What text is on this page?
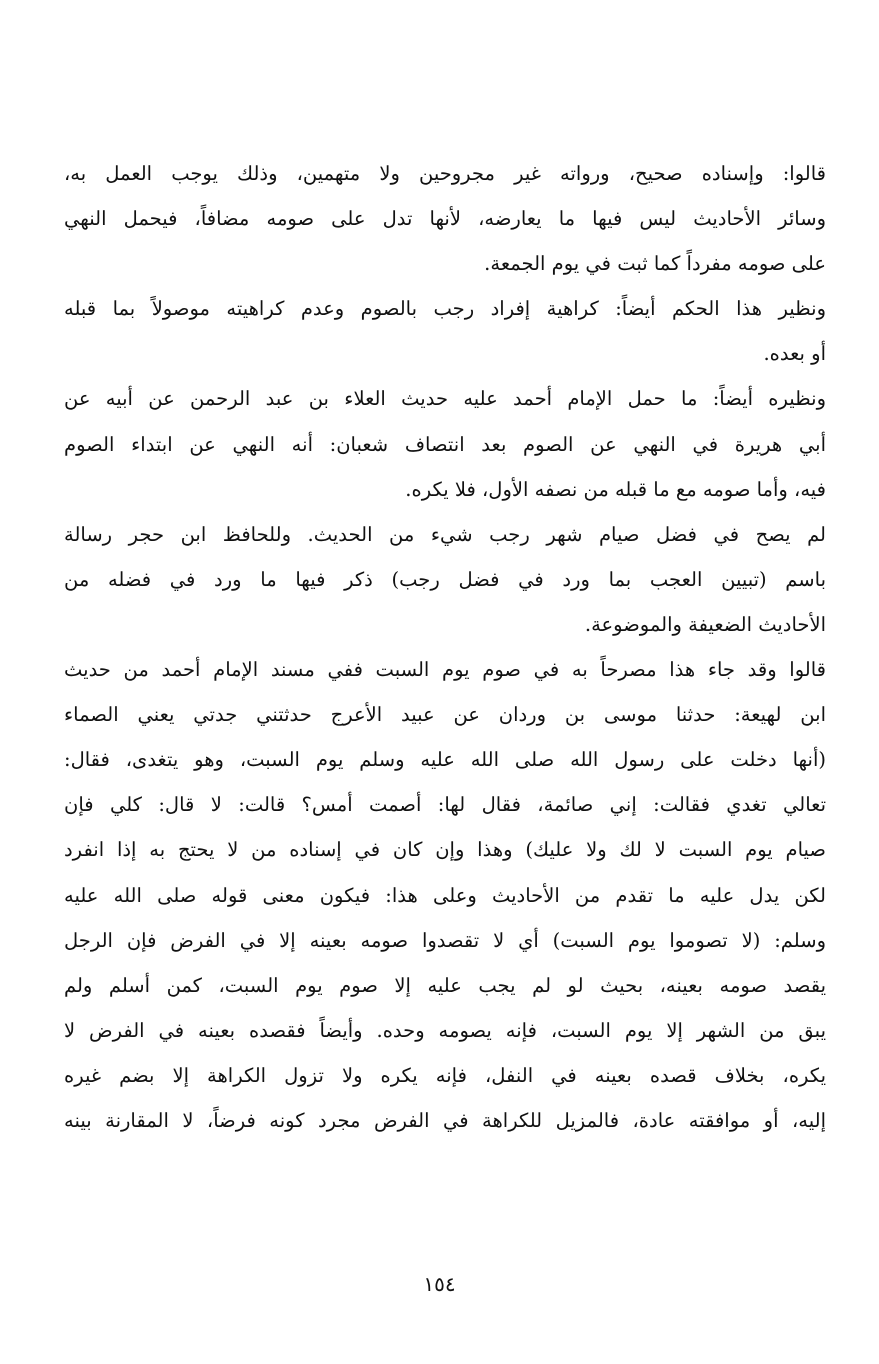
قالوا: وإسناده صحيح، ورواته غير مجروحين ولا متهمين، وذلك يوجب العمل به،
وسائر الأحاديث ليس فيها ما يعارضه، لأنها تدل على صومه مضافاً، فيحمل النهي
على صومه مفرداً كما ثبت في يوم الجمعة.
ونظير هذا الحكم أيضاً: كراهية إفراد رجب بالصوم وعدم كراهيته موصولاً بما قبله
أو بعده.
ونظيره أيضاً: ما حمل الإمام أحمد عليه حديث العلاء بن عبد الرحمن عن أبيه عن
أبي هريرة في النهي عن الصوم بعد انتصاف شعبان: أنه النهي عن ابتداء الصوم
فيه، وأما صومه مع ما قبله من نصفه الأول، فلا يكره.
لم يصح في فضل صيام شهر رجب شيء من الحديث. وللحافظ ابن حجر رسالة
باسم (تبيين العجب بما ورد في فضل رجب) ذكر فيها ما ورد في فضله من
الأحاديث الضعيفة والموضوعة.
قالوا وقد جاء هذا مصرحاً به في صوم يوم السبت ففي مسند الإمام أحمد من حديث
ابن لهيعة: حدثنا موسى بن وردان عن عبيد الأعرج حدثتني جدتي يعني الصماء
(أنها دخلت على رسول الله صلى الله عليه وسلم يوم السبت، وهو يتغدى، فقال:
تعالي تغدي فقالت: إني صائمة، فقال لها: أصمت أمس؟ قالت: لا قال: كلي فإن
صيام يوم السبت لا لك ولا عليك) وهذا وإن كان في إسناده من لا يحتج به إذا انفرد
لكن يدل عليه ما تقدم من الأحاديث وعلى هذا: فيكون معنى قوله صلى الله عليه
وسلم: (لا تصوموا يوم السبت) أي لا تقصدوا صومه بعينه إلا في الفرض فإن الرجل
يقصد صومه بعينه، بحيث لو لم يجب عليه إلا صوم يوم السبت، كمن أسلم ولم
يبق من الشهر إلا يوم السبت، فإنه يصومه وحده. وأيضاً فقصده بعينه في الفرض لا
يكره، بخلاف قصده بعينه في النفل، فإنه يكره ولا تزول الكراهة إلا بضم غيره
إليه، أو موافقته عادة، فالمزيل للكراهة في الفرض مجرد كونه فرضاً، لا المقارنة بينه
١٥٤
